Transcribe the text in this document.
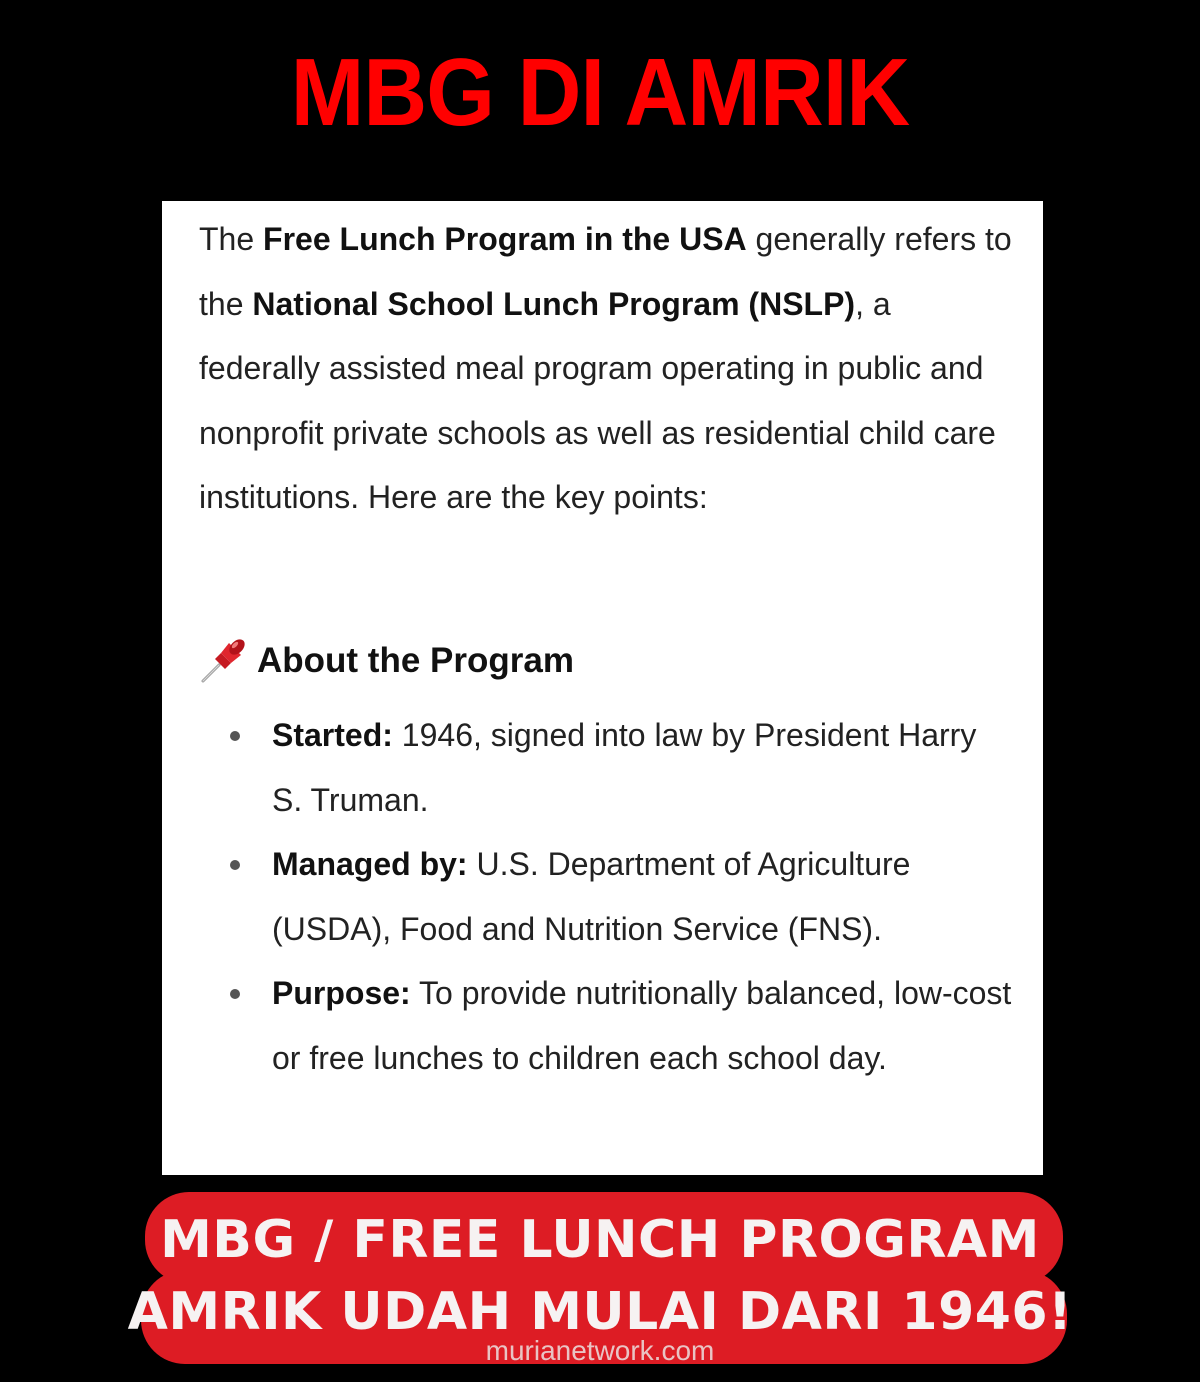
MBG DI AMRIK

The Free Lunch Program in the USA generally refers to the National School Lunch Program (NSLP), a federally assisted meal program operating in public and nonprofit private schools as well as residential child care institutions. Here are the key points:

About the Program
Started: 1946, signed into law by President Harry S. Truman.
Managed by: U.S. Department of Agriculture (USDA), Food and Nutrition Service (FNS).
Purpose: To provide nutritionally balanced, low-cost or free lunches to children each school day.
MBG / FREE LUNCH PROGRAM
AMRIK UDAH MULAI DARI 1946!
murianetwork.com
